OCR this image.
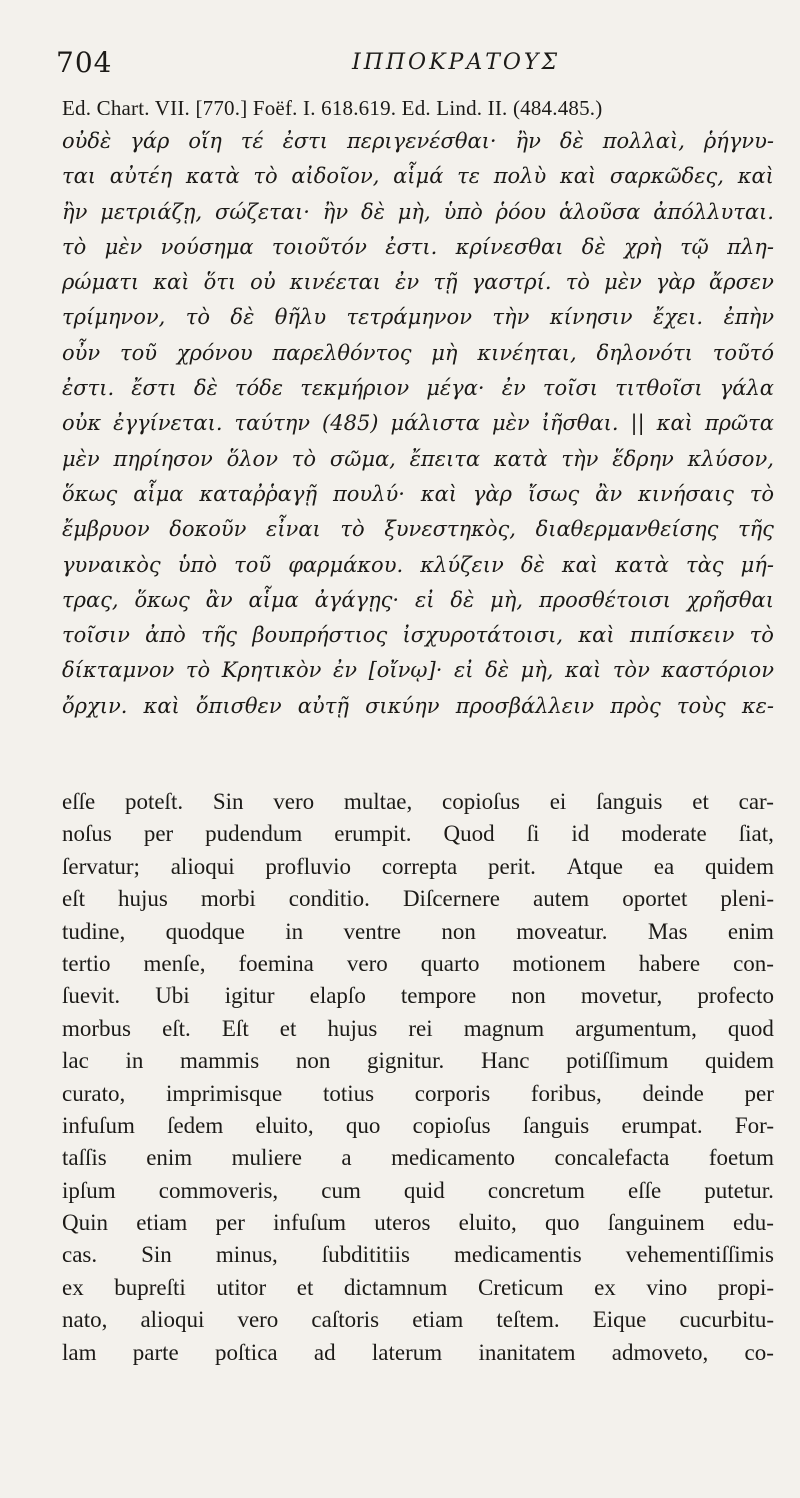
704	ΙΠΠΟΚΡΑΤΟΥΣ
Ed. Chart. VII. [770.] Foëf. I. 618.619. Ed. Lind. II. (484.485.)
οὐδὲ γάρ οἵη τέ ἐστι περιγενέσθαι· ἢν δὲ πολλαὶ, ῥήγνυ-
ται αὐτέη κατὰ τὸ αἰδοῖον, αἷμά τε πολὺ καὶ σαρκῶδες, καὶ
ἢν μετριάζῃ, σώζεται· ἢν δὲ μὴ, ὑπὸ ῥόου ἁλοῦσα ἀπόλλυται.
τὸ μὲν νούσημα τοιοῦτόν ἐστι. κρίνεσθαι δὲ χρὴ τῷ πλη-
ρώματι καὶ ὅτι οὐ κινέεται ἐν τῇ γαστρί. τὸ μὲν γὰρ ἄρσεν
τρίμηνον, τὸ δὲ θῆλυ τετράμηνον τὴν κίνησιν ἔχει. ἐπὴν
οὖν τοῦ χρόνου παρελθόντος μὴ κινέηται, δηλονότι τοῦτό
ἐστι. ἔστι δὲ τόδε τεκμήριον μέγα· ἐν τοῖσι τιτθοῖσι γάλα
οὐκ ἐγγίνεται. ταύτην (485) μάλιστα μὲν ἰῆσθαι. || καὶ πρῶτα
μὲν πηρίησον ὅλον τὸ σῶμα, ἔπειτα κατὰ τὴν ἕδρην κλύσον,
ὅκως αἷμα καταῤῥαγῇ πουλύ· καὶ γὰρ ἴσως ἂν κινήσαις τὸ
ἔμβρυον δοκοῦν εἶναι τὸ ξυνεστηκὸς, διαθερμανθείσης τῆς
γυναικὸς ὑπὸ τοῦ φαρμάκου. κλύζειν δὲ καὶ κατὰ τὰς μή-
τρας, ὅκως ἂν αἷμα ἀγάγῃς· εἰ δὲ μὴ, προσθέτοισι χρῆσθαι
τοῖσιν ἀπὸ τῆς βουπρήστιος ἰσχυροτάτοισι, καὶ πιπίσκειν τὸ
δίκταμνον τὸ Κρητικὸν ἐν [οἴνῳ]· εἰ δὲ μὴ, καὶ τὸν καστόριον
ὄρχιν. καὶ ὄπισθεν αὐτῇ σικύην προσβάλλειν πρὸς τοὺς κε-
eſſe poteſt. Sin vero multae, copioſus ei ſanguis et car-
noſus per pudendum erumpit. Quod ſi id moderate ſiat,
ſervatur; alioqui profluvio correpta perit. Atque ea quidem
eſt hujus morbi conditio. Diſcernere autem oportet pleni-
tudine, quodque in ventre non moveatur. Mas enim
tertio menſe, foemina vero quarto motionem habere con-
ſuevit. Ubi igitur elapſo tempore non movetur, profecto
morbus eſt. Eſt et hujus rei magnum argumentum, quod
lac in mammis non gignitur. Hanc potiſſimum quidem
curato, imprimisque totius corporis foribus, deinde per
infuſum ſedem eluito, quo copioſus ſanguis erumpat. For-
taſſis enim muliere a medicamento concalefacta foetum
ipſum commoveris, cum quid concretum eſſe putetur.
Quin etiam per infuſum uteros eluito, quo ſanguinem edu-
cas. Sin minus, ſubdititiis medicamentis vehementiſſimis
ex bupreſti utitor et dictamnum Creticum ex vino propi-
nato, alioqui vero caſtoris etiam teſtem. Eique cucurbitu-
lam parte poſtica ad laterum inanitatem admoveto, co-
